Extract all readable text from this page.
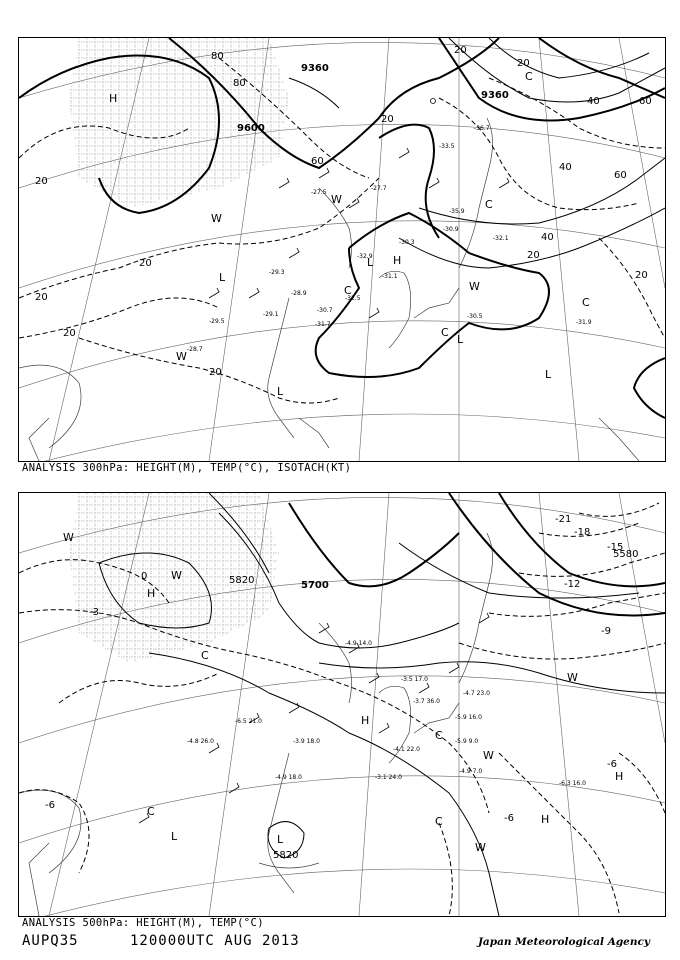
9600
9360
9360
20
20
20
20
20
20
20
20
20
20
40
40
40
60
60
60
80
80
H
L
L
L
L
L
W
W
W
W
C
C
C
C
C
H
-27.5
-27.7
-29.3
-29.5
-30.5
-30.7
-31.1
-31.7	-31.9
-32.5
-32.9
-33.5
-35.9
-36.7
-28.7
-30.3
-30.9
-32.1
-29.1
-28.9
ANALYSIS 300hPa: HEIGHT(M), TEMP(°C), ISOTACH(KT)
5820	5700
5580
5820
-3
0
-6
-9
-12
-15
-18
-21
-6
-6
H
W
W
C
C
L	L
H
H
W
C
C
W
W
H
-4.9 14.0
-5.9 16.0
-3.7 36.0
-4.7 23.0
-4.1 22.0
-3.1 24.0
-4.9 7.0
-6.3 16.0
-5.9 9.0
-6.5 21.0
-4.8 26.0	-3.9 18.0
-4.9 18.0
-3.5 17.0
ANALYSIS 500hPa: HEIGHT(M), TEMP(°C)
AUPQ35	120000UTC AUG 2013	Japan Meteorological Agency
